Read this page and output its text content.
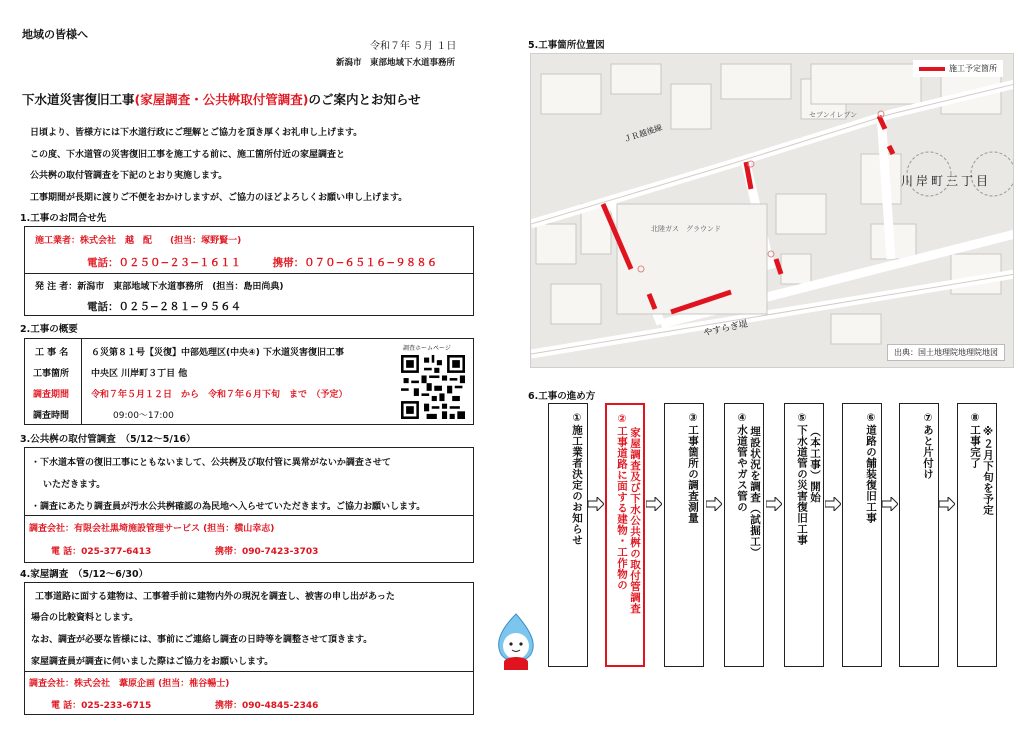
地域の皆様へ
令和７年 ５月 １日
新潟市　東部地域下水道事務所
下水道災害復旧工事(家屋調査・公共桝取付管調査)のご案内とお知らせ
日頃より、皆様方には下水道行政にご理解とご協力を頂き厚くお礼申し上げます。
この度、下水道管の災害復旧工事を施工する前に、施工箇所付近の家屋調査と
公共桝の取付管調査を下記のとおり実施します。
工事期間が長期に渡りご不便をおかけしますが、ご協力のほどよろしくお願い申し上げます。
1.工事のお問合せ先
施工業者：株式会社　越　配　　(担当：塚野賢一)
電話：０２５０−２３−１６１１　　　携帯：０７０−６５１６−９８８６
発 注 者：新潟市　東部地域下水道事務所　(担当：島田尚典)
電話：０２５−２８１−９５６４
2.工事の概要
工 事 名	６災第８１号【災復】中部処理区(中央④) 下水道災害復旧工事
工事箇所	中央区 川岸町３丁目 他
調査期間	令和７年５月１２日　から　令和７年６月下旬　まで　（予定）
調査時間	09:00〜17:00
調査ホームページ
3.公共桝の取付管調査　（5/12〜5/16）
・下水道本管の復旧工事にともないまして、公共桝及び取付管に異常がないか調査させて
いただきます。
・調査にあたり調査員が汚水公共桝確認の為民地へ入らせていただきます。ご協力お願いします。
調査会社：有限会社黒埼施設管理サービス (担当：横山幸志)
電 話：025-377-6413	携帯：090-7423-3703
4.家屋調査　（5/12〜6/30）
工事道路に面する建物は、工事着手前に建物内外の現況を調査し、被害の申し出があった
場合の比較資料とします。
なお、調査が必要な皆様には、事前にご連絡し調査の日時等を調整させて頂きます。
家屋調査員が調査に伺いました際はご協力をお願いします。
調査会社：株式会社　葦原企画 (担当：椎谷暢士)
電 話：025-233-6715	携帯：090-4845-2346
5.工事箇所位置図
施工予定箇所
ＪＲ越後線
セブンイレブン
北陸ガス　グラウンド
川岸町三丁目
やすらぎ堤
出典：国土地理院地理院地図
6.工事の進め方
①施工業者決定のお知らせ
②工事道路に面する建物・工作物の 家屋調査及び下水公共桝の取付管調査
③工事箇所の調査測量
④水道管やガス管の 埋設状況を調査（試掘工）
⑤下水道管の災害復旧工事 （本工事）開始
⑥道路の舗装復旧工事
⑦あと片付け
⑧工事完了 ※２月下旬を予定
